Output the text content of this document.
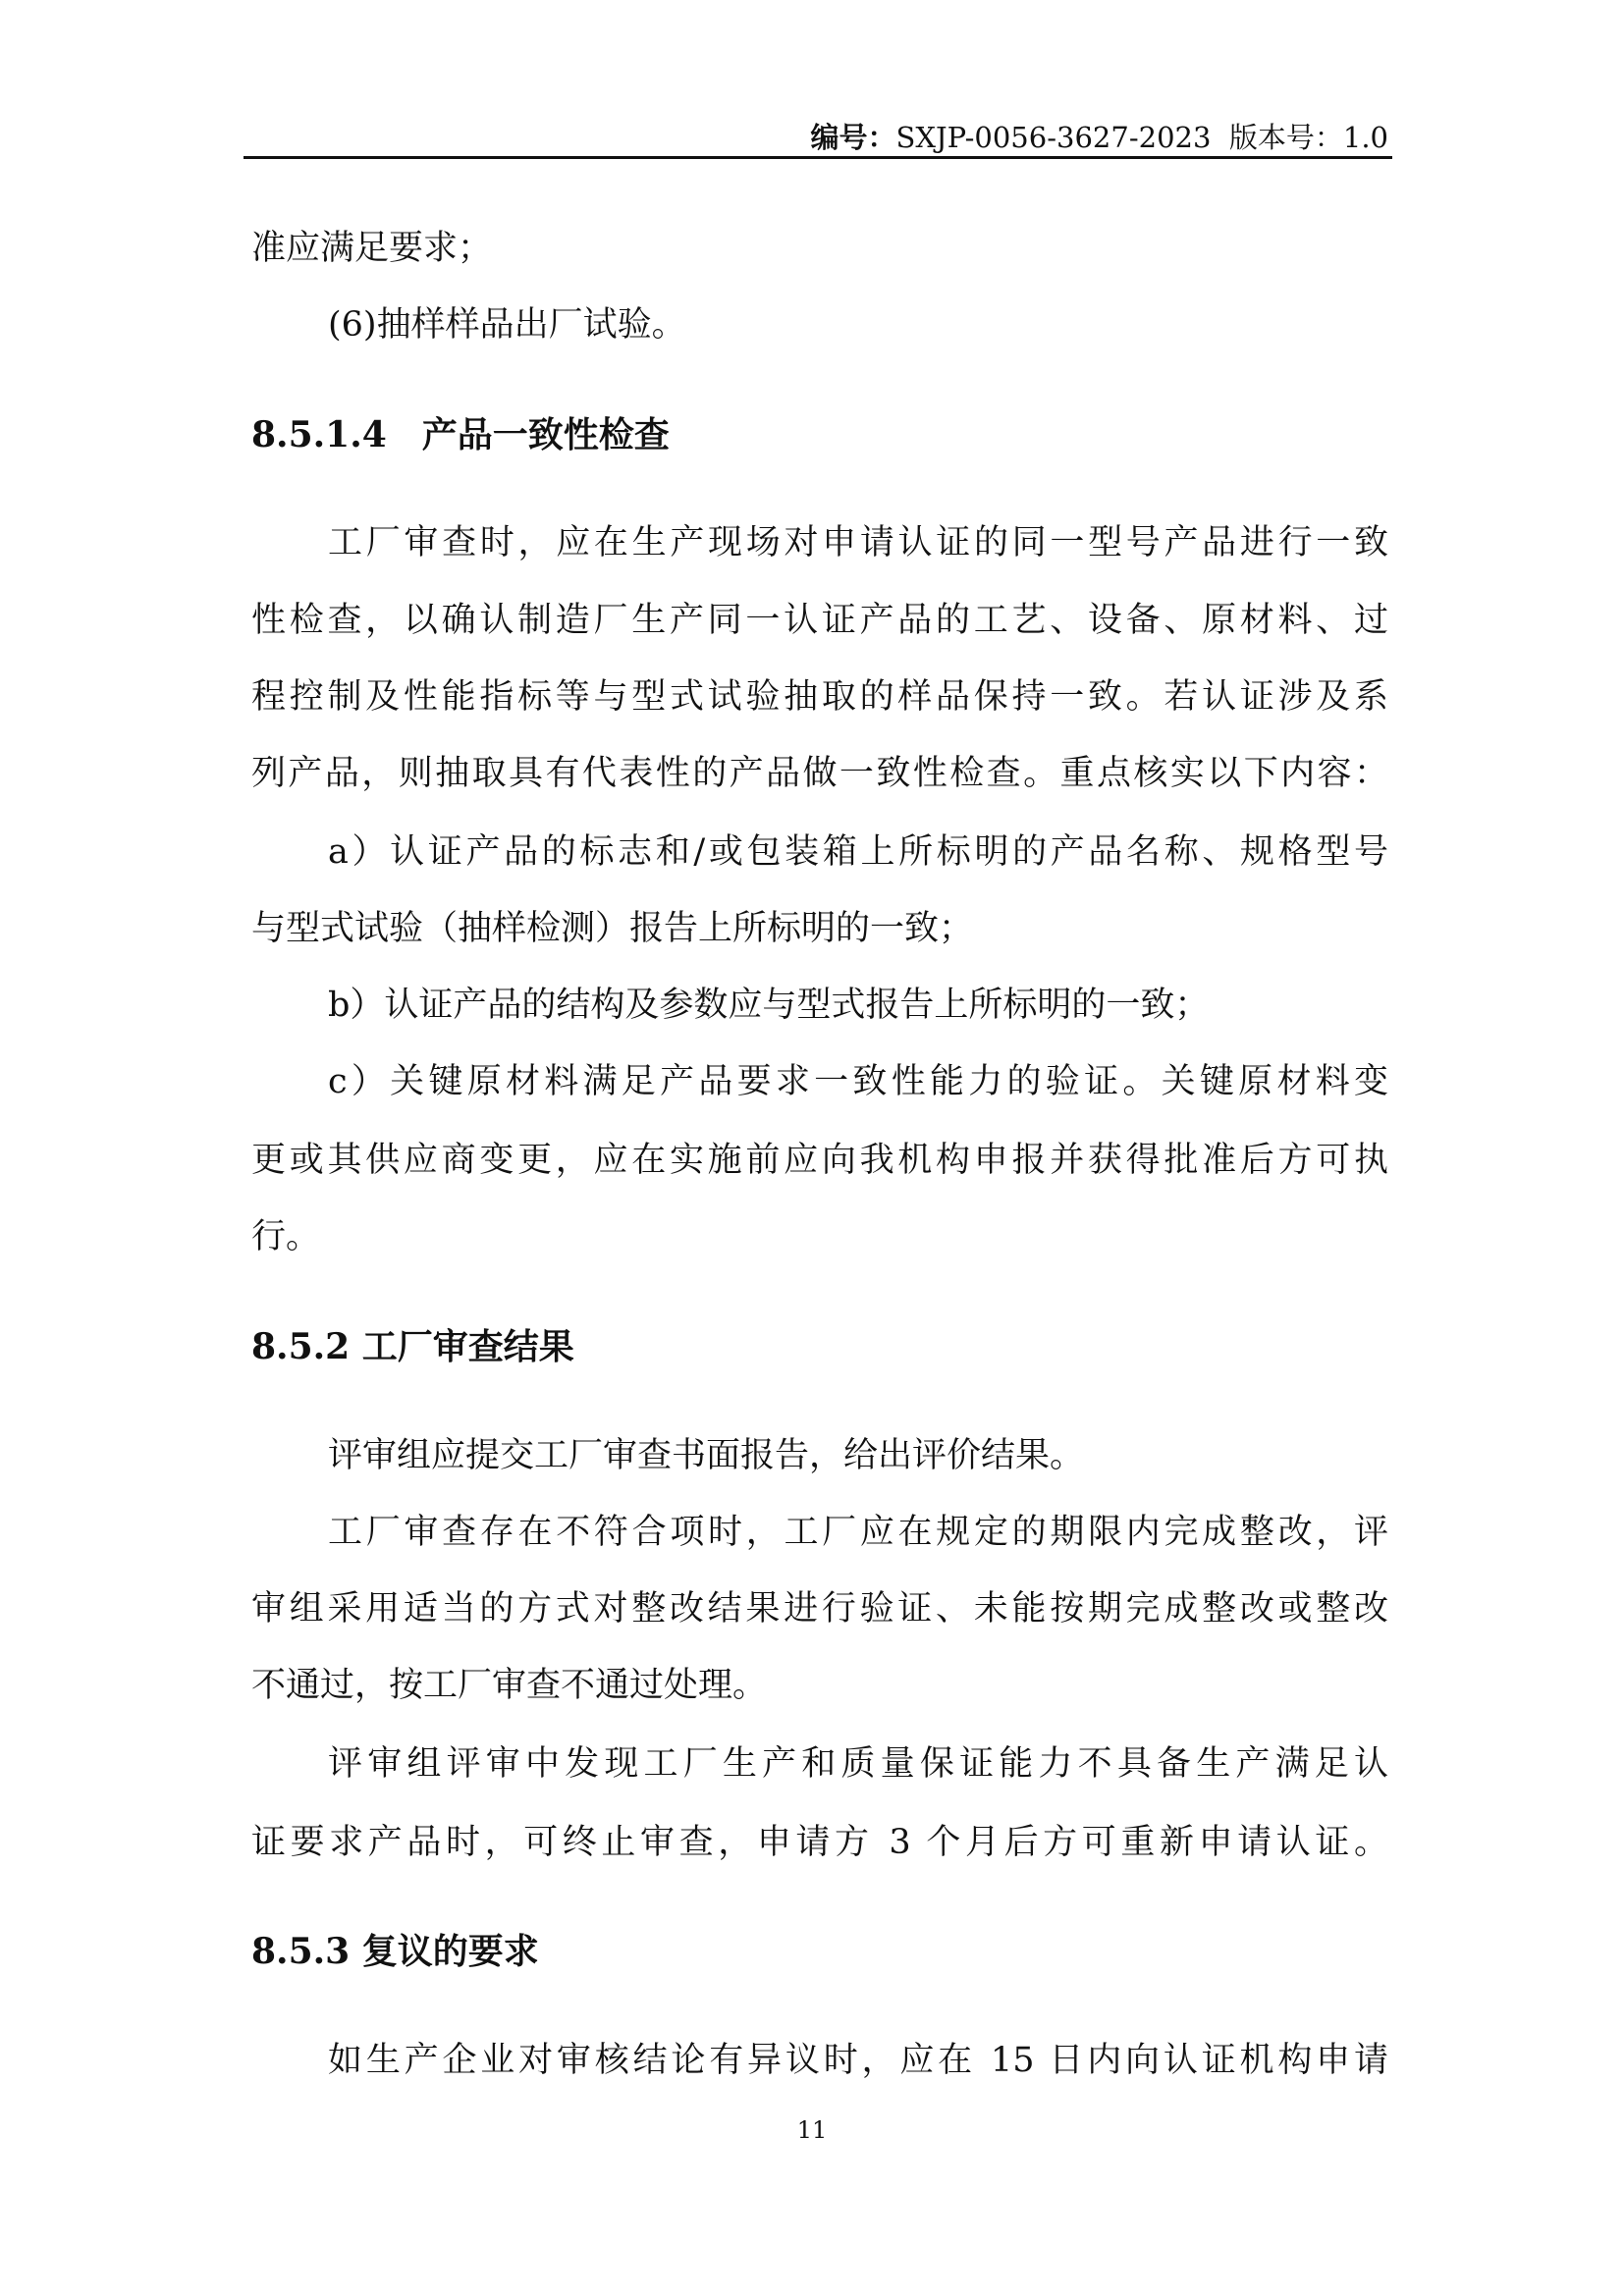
编号：SXJP-0056-3627-2023 版本号：1.0
准应满足要求；
(6)抽样样品出厂试验。
8.5.1.4　产品一致性检查
工厂审查时，应在生产现场对申请认证的同一型号产品进行一致
性检查，以确认制造厂生产同一认证产品的工艺、设备、原材料、过
程控制及性能指标等与型式试验抽取的样品保持一致。若认证涉及系
列产品，则抽取具有代表性的产品做一致性检查。重点核实以下内容：
a）认证产品的标志和/或包装箱上所标明的产品名称、规格型号
与型式试验（抽样检测）报告上所标明的一致；
b）认证产品的结构及参数应与型式报告上所标明的一致；
c）关键原材料满足产品要求一致性能力的验证。关键原材料变
更或其供应商变更，应在实施前应向我机构申报并获得批准后方可执
行。
8.5.2 工厂审查结果
评审组应提交工厂审查书面报告，给出评价结果。
工厂审查存在不符合项时，工厂应在规定的期限内完成整改，评
审组采用适当的方式对整改结果进行验证、未能按期完成整改或整改
不通过，按工厂审查不通过处理。
评审组评审中发现工厂生产和质量保证能力不具备生产满足认
证要求产品时，可终止审查，申请方 3 个月后方可重新申请认证。
8.5.3 复议的要求
如生产企业对审核结论有异议时，应在 15 日内向认证机构申请
11
